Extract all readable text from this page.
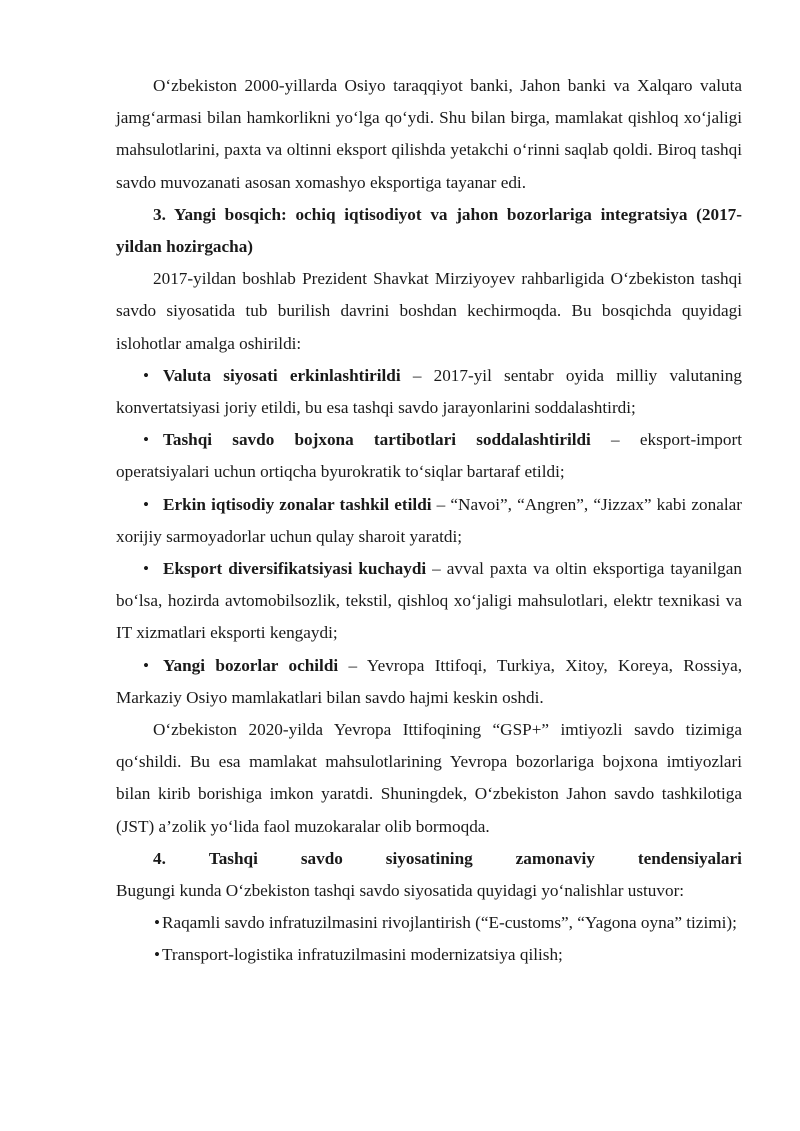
O‘zbekiston 2000-yillarda Osiyo taraqqiyot banki, Jahon banki va Xalqaro valuta jamg‘armasi bilan hamkorlikni yo‘lga qo‘ydi. Shu bilan birga, mamlakat qishloq xo‘jaligi mahsulotlarini, paxta va oltinni eksport qilishda yetakchi o‘rinni saqlab qoldi. Biroq tashqi savdo muvozanati asosan xomashyo eksportiga tayanar edi.

3. Yangi bosqich: ochiq iqtisodiyot va jahon bozorlariga integratsiya (2017-yildan hozirgacha)

2017-yildan boshlab Prezident Shavkat Mirziyoyev rahbarligida O‘zbekiston tashqi savdo siyosatida tub burilish davrini boshdan kechirmoqda. Bu bosqichda quyidagi islohotlar amalga oshirildi:

• Valuta siyosati erkinlashtirildi – 2017-yil sentabr oyida milliy valutaning konvertatsiyasi joriy etildi, bu esa tashqi savdo jarayonlarini soddalashtirdi;

• Tashqi savdo bojxona tartibotlari soddalashtirildi – eksport-import operatsiyalari uchun ortiqcha byurokratik to‘siqlar bartaraf etildi;

• Erkin iqtisodiy zonalar tashkil etildi – “Navoi”, “Angren”, “Jizzax” kabi zonalar xorijiy sarmoyadorlar uchun qulay sharoit yaratdi;

• Eksport diversifikatsiyasi kuchaydi – avval paxta va oltin eksportiga tayanilgan bo‘lsa, hozirda avtomobilsozlik, tekstil, qishloq xo‘jaligi mahsulotlari, elektr texnikasi va IT xizmatlari eksporti kengaydi;

• Yangi bozorlar ochildi – Yevropa Ittifoqi, Turkiya, Xitoy, Koreya, Rossiya, Markaziy Osiyo mamlakatlari bilan savdo hajmi keskin oshdi.

O‘zbekiston 2020-yilda Yevropa Ittifoqining “GSP+” imtiyozli savdo tizimiga qo‘shildi. Bu esa mamlakat mahsulotlarining Yevropa bozorlariga bojxona imtiyozlari bilan kirib borishiga imkon yaratdi. Shuningdek, O‘zbekiston Jahon savdo tashkilotiga (JST) a’zolik yo‘lida faol muzokaralar olib bormoqda.

4. Tashqi savdo siyosatining zamonaviy tendensiyalari

Bugungi kunda O‘zbekiston tashqi savdo siyosatida quyidagi yo‘nalishlar ustuvor:

• Raqamli savdo infratuzilmasini rivojlantirish (“E-customs”, “Yagona oyna” tizimi);

• Transport-logistika infratuzilmasini modernizatsiya qilish;
